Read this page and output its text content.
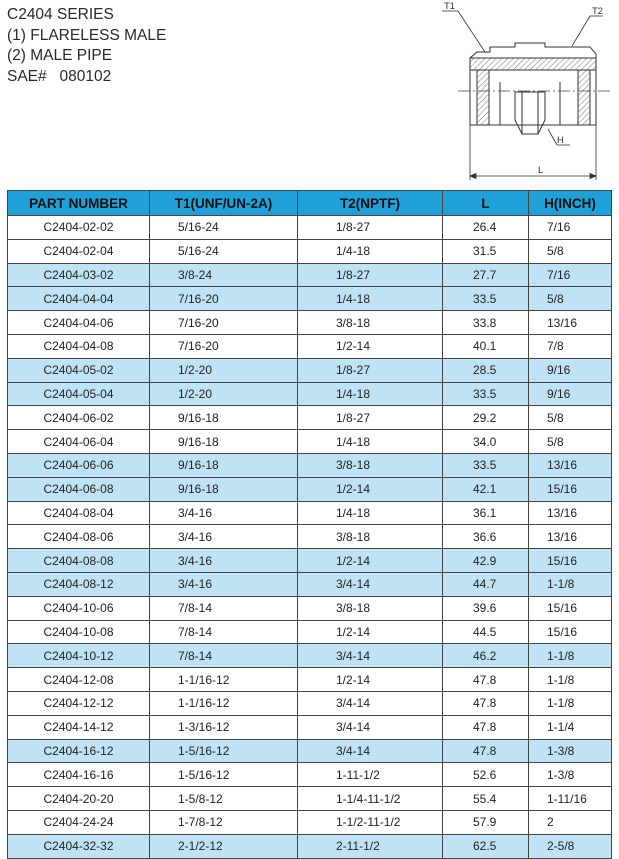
C2404 SERIES
(1) FLARELESS MALE
(2) MALE PIPE
SAE#   080102
T1	T2
H
L
PART NUMBER	T1(UNF/UN-2A)	T2(NPTF)	L	H(INCH)
C2404-02-02	5/16-24	1/8-27	26.4	7/16
C2404-02-04	5/16-24	1/4-18	31.5	5/8
C2404-03-02	3/8-24	1/8-27	27.7	7/16
C2404-04-04	7/16-20	1/4-18	33.5	5/8
C2404-04-06	7/16-20	3/8-18	33.8	13/16
C2404-04-08	7/16-20	1/2-14	40.1	7/8
C2404-05-02	1/2-20	1/8-27	28.5	9/16
C2404-05-04	1/2-20	1/4-18	33.5	9/16
C2404-06-02	9/16-18	1/8-27	29.2	5/8
C2404-06-04	9/16-18	1/4-18	34.0	5/8
C2404-06-06	9/16-18	3/8-18	33.5	13/16
C2404-06-08	9/16-18	1/2-14	42.1	15/16
C2404-08-04	3/4-16	1/4-18	36.1	13/16
C2404-08-06	3/4-16	3/8-18	36.6	13/16
C2404-08-08	3/4-16	1/2-14	42.9	15/16
C2404-08-12	3/4-16	3/4-14	44.7	1-1/8
C2404-10-06	7/8-14	3/8-18	39.6	15/16
C2404-10-08	7/8-14	1/2-14	44.5	15/16
C2404-10-12	7/8-14	3/4-14	46.2	1-1/8
C2404-12-08	1-1/16-12	1/2-14	47.8	1-1/8
C2404-12-12	1-1/16-12	3/4-14	47.8	1-1/8
C2404-14-12	1-3/16-12	3/4-14	47.8	1-1/4
C2404-16-12	1-5/16-12	3/4-14	47.8	1-3/8
C2404-16-16	1-5/16-12	1-11-1/2	52.6	1-3/8
C2404-20-20	1-5/8-12	1-1/4-11-1/2	55.4	1-11/16
C2404-24-24	1-7/8-12	1-1/2-11-1/2	57.9	2
C2404-32-32	2-1/2-12	2-11-1/2	62.5	2-5/8
